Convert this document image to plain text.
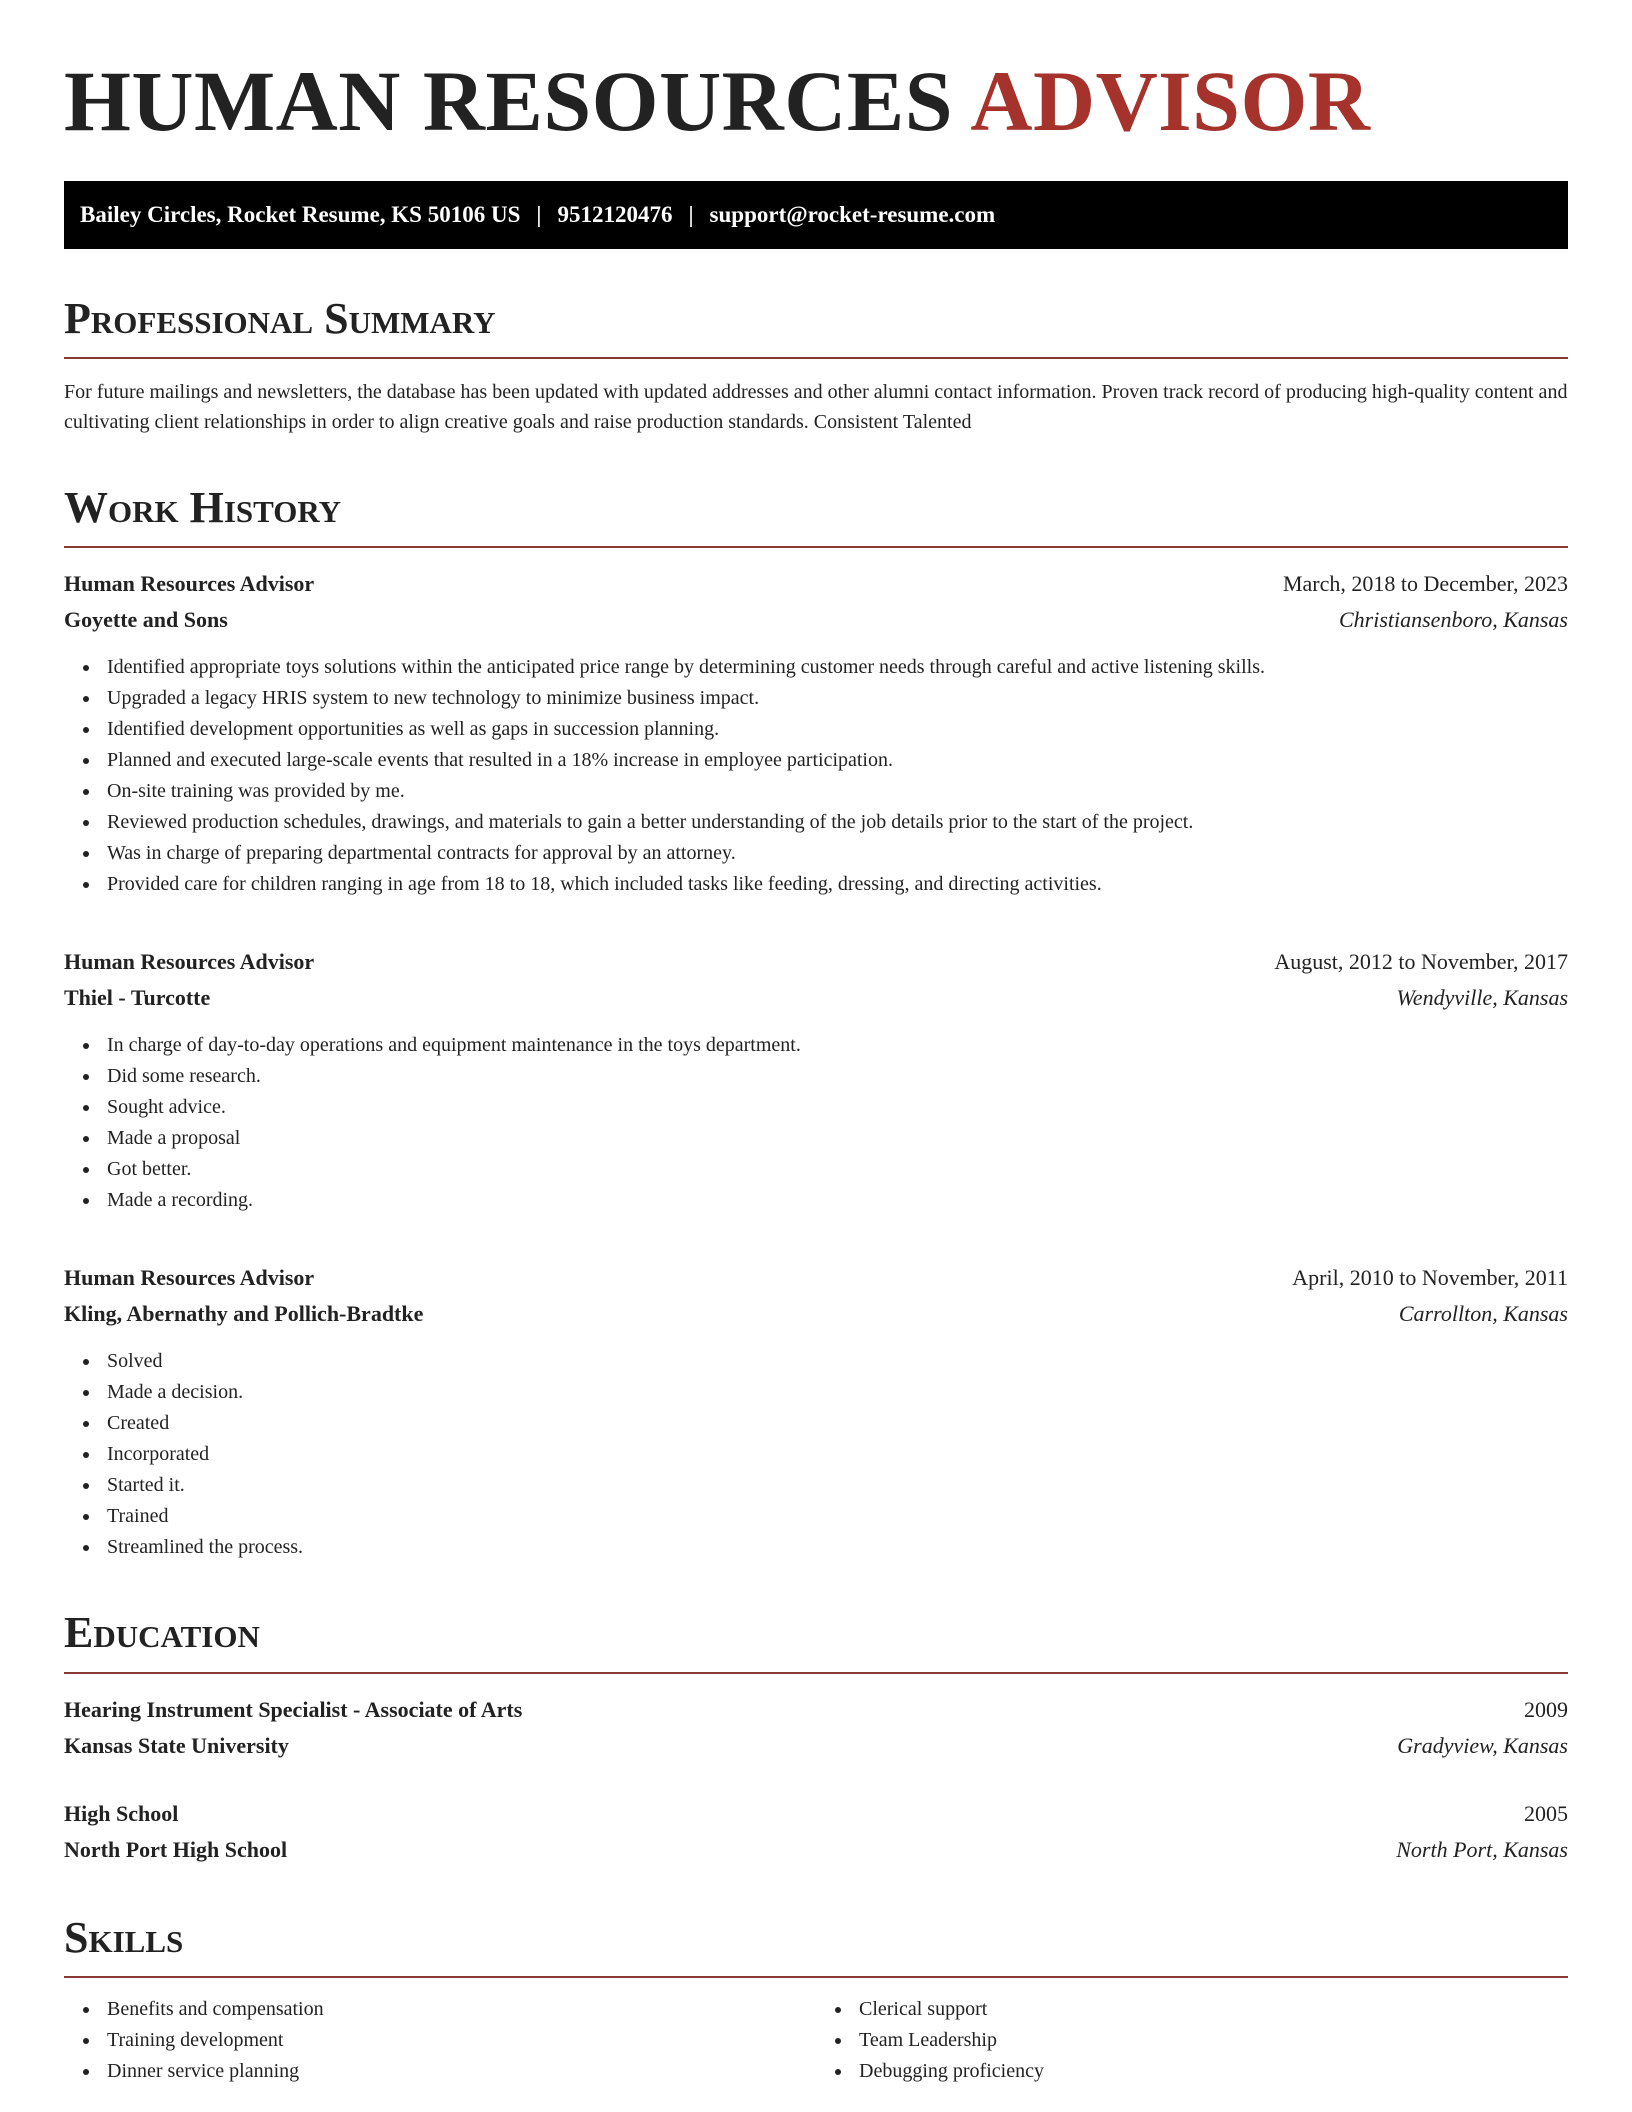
HUMAN RESOURCES ADVISOR
Bailey Circles, Rocket Resume, KS 50106 US | 9512120476 | support@rocket-resume.com
Professional Summary

For future mailings and newsletters, the database has been updated with updated addresses and other alumni contact information. Proven track record of producing high-quality content and cultivating client relationships in order to align creative goals and raise production standards. Consistent Talented

Work History
Human Resources Advisor	March, 2018 to December, 2023
Goyette and Sons	Christiansenboro, Kansas
Identified appropriate toys solutions within the anticipated price range by determining customer needs through careful and active listening skills.
Upgraded a legacy HRIS system to new technology to minimize business impact.
Identified development opportunities as well as gaps in succession planning.
Planned and executed large-scale events that resulted in a 18% increase in employee participation.
On-site training was provided by me.
Reviewed production schedules, drawings, and materials to gain a better understanding of the job details prior to the start of the project.
Was in charge of preparing departmental contracts for approval by an attorney.
Provided care for children ranging in age from 18 to 18, which included tasks like feeding, dressing, and directing activities.
Human Resources Advisor	August, 2012 to November, 2017
Thiel - Turcotte	Wendyville, Kansas
In charge of day-to-day operations and equipment maintenance in the toys department.
Did some research.
Sought advice.
Made a proposal
Got better.
Made a recording.
Human Resources Advisor	April, 2010 to November, 2011
Kling, Abernathy and Pollich-Bradtke	Carrollton, Kansas
Solved
Made a decision.
Created
Incorporated
Started it.
Trained
Streamlined the process.
Education
Hearing Instrument Specialist - Associate of Arts	2009
Kansas State University	Gradyview, Kansas
High School	2005
North Port High School	North Port, Kansas
Skills
Benefits and compensation
Training development
Dinner service planning
Clerical support
Team Leadership
Debugging proficiency
